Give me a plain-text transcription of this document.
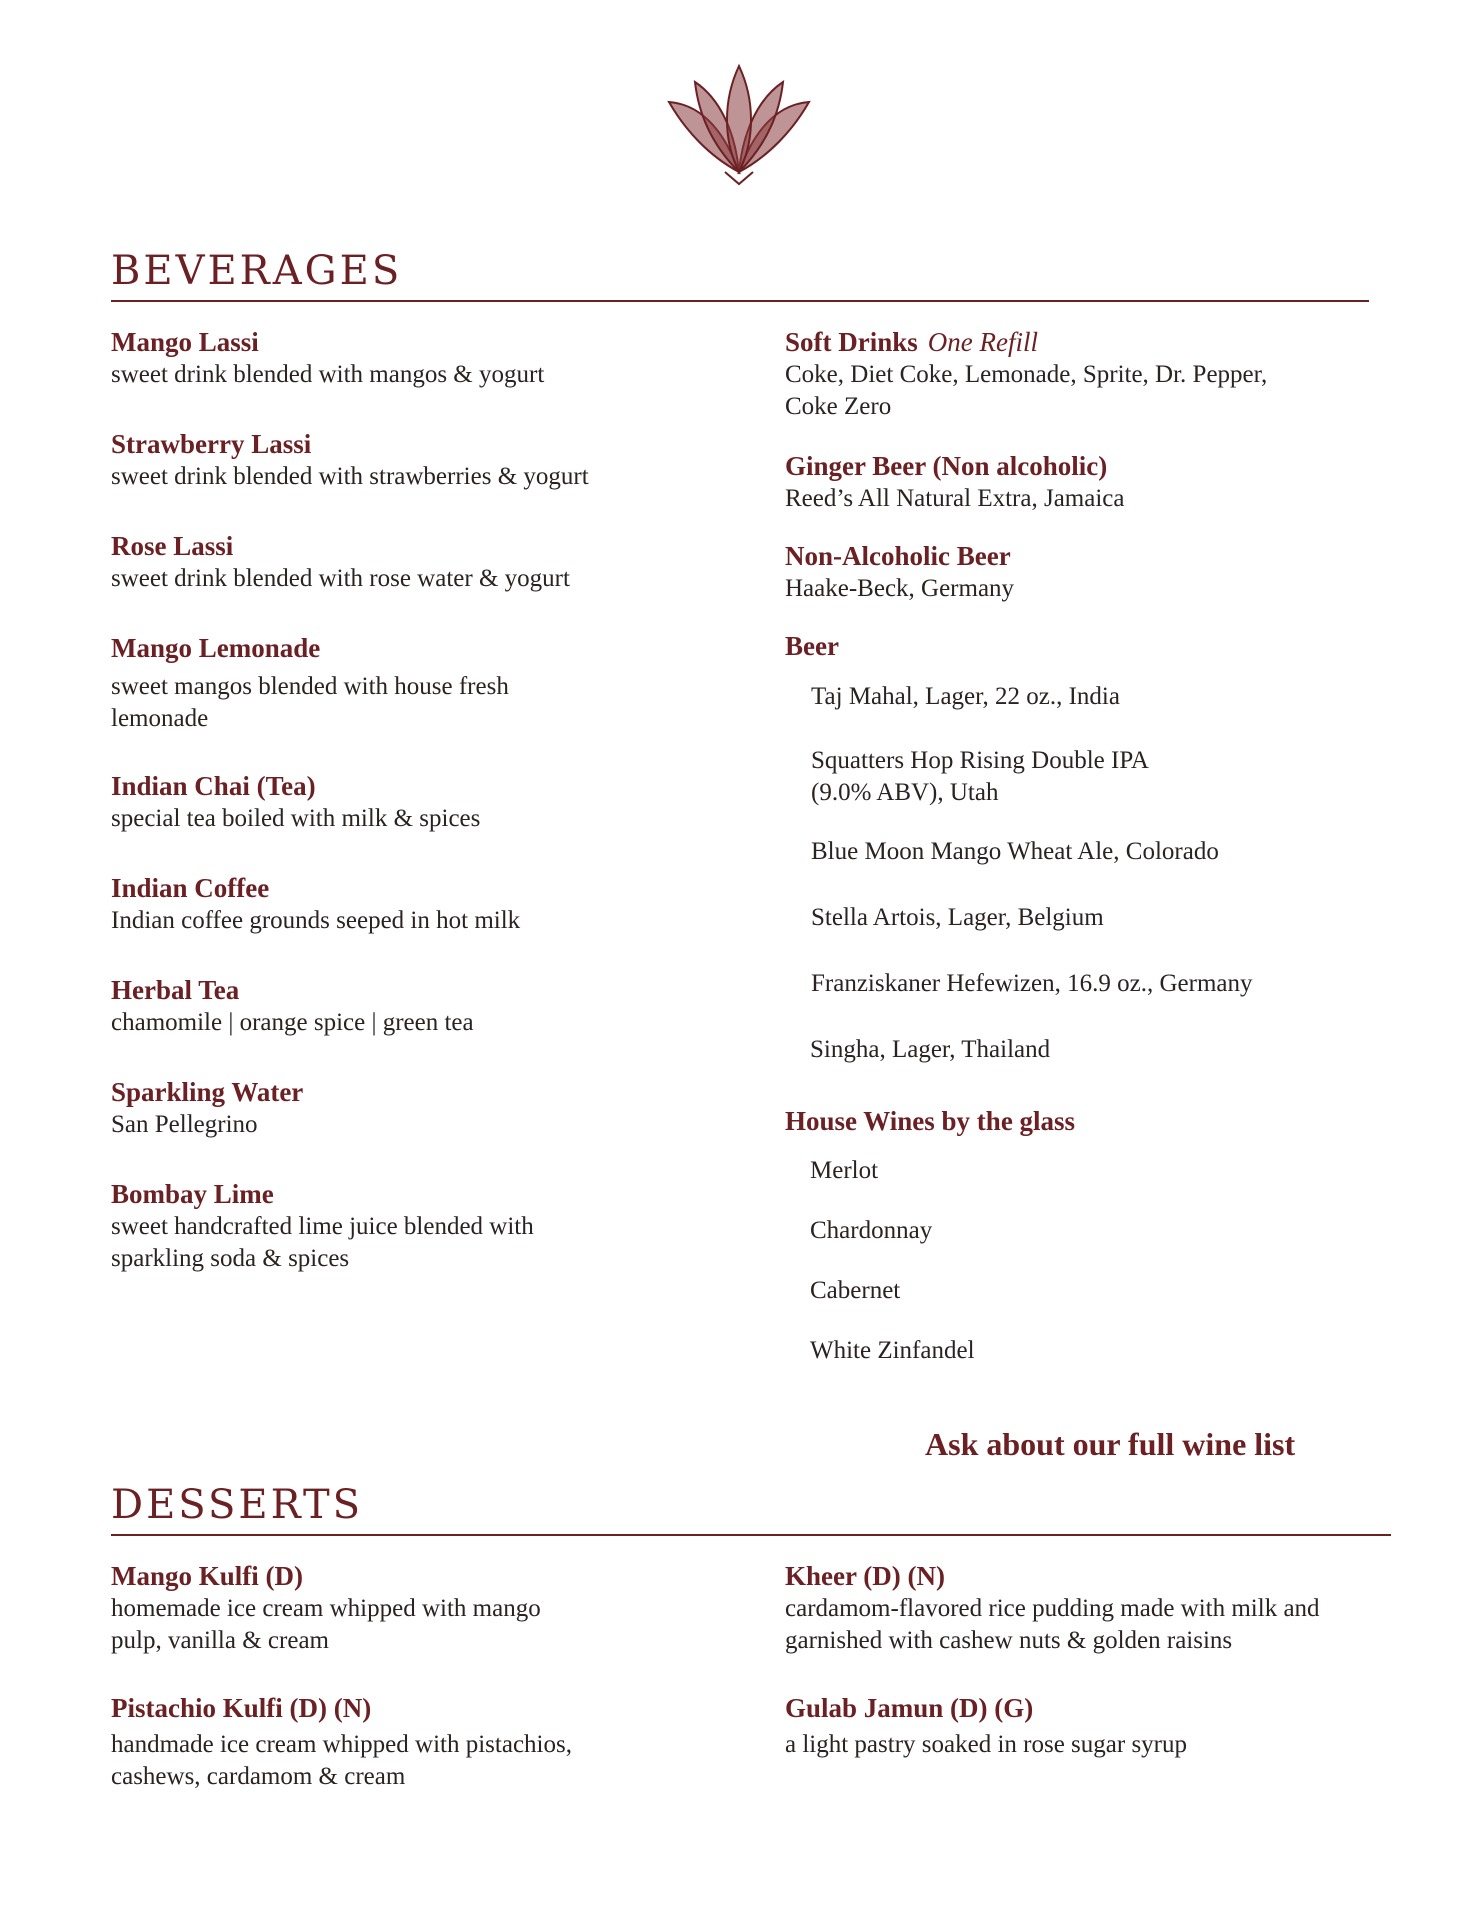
BEVERAGES
Mango Lassi
sweet drink blended with mangos & yogurt
Strawberry Lassi
sweet drink blended with strawberries & yogurt
Rose Lassi
sweet drink blended with rose water & yogurt
Mango Lemonade
sweet mangos blended with house fresh lemonade
Indian Chai (Tea)
special tea boiled with milk & spices
Indian Coffee
Indian coffee grounds seeped in hot milk
Herbal Tea
chamomile | orange spice | green tea
Sparkling Water
San Pellegrino
Bombay Lime
sweet handcrafted lime juice blended with sparkling soda & spices
Soft Drinks One Refill
Coke, Diet Coke, Lemonade, Sprite, Dr. Pepper, Coke Zero
Ginger Beer (Non alcoholic)
Reed’s All Natural Extra, Jamaica
Non-Alcoholic Beer
Haake-Beck, Germany
Beer
Taj Mahal, Lager, 22 oz., India
Squatters Hop Rising Double IPA (9.0% ABV), Utah
Blue Moon Mango Wheat Ale, Colorado
Stella Artois, Lager, Belgium
Franziskaner Hefewizen, 16.9 oz., Germany
Singha, Lager, Thailand
House Wines by the glass
Merlot
Chardonnay
Cabernet
White Zinfandel
Ask about our full wine list
DESSERTS
Mango Kulfi (D)
homemade ice cream whipped with mango pulp, vanilla & cream
Kheer (D) (N)
cardamom-flavored rice pudding made with milk and garnished with cashew nuts & golden raisins
Pistachio Kulfi (D) (N)
handmade ice cream whipped with pistachios, cashews, cardamom & cream
Gulab Jamun (D) (G)
a light pastry soaked in rose sugar syrup
